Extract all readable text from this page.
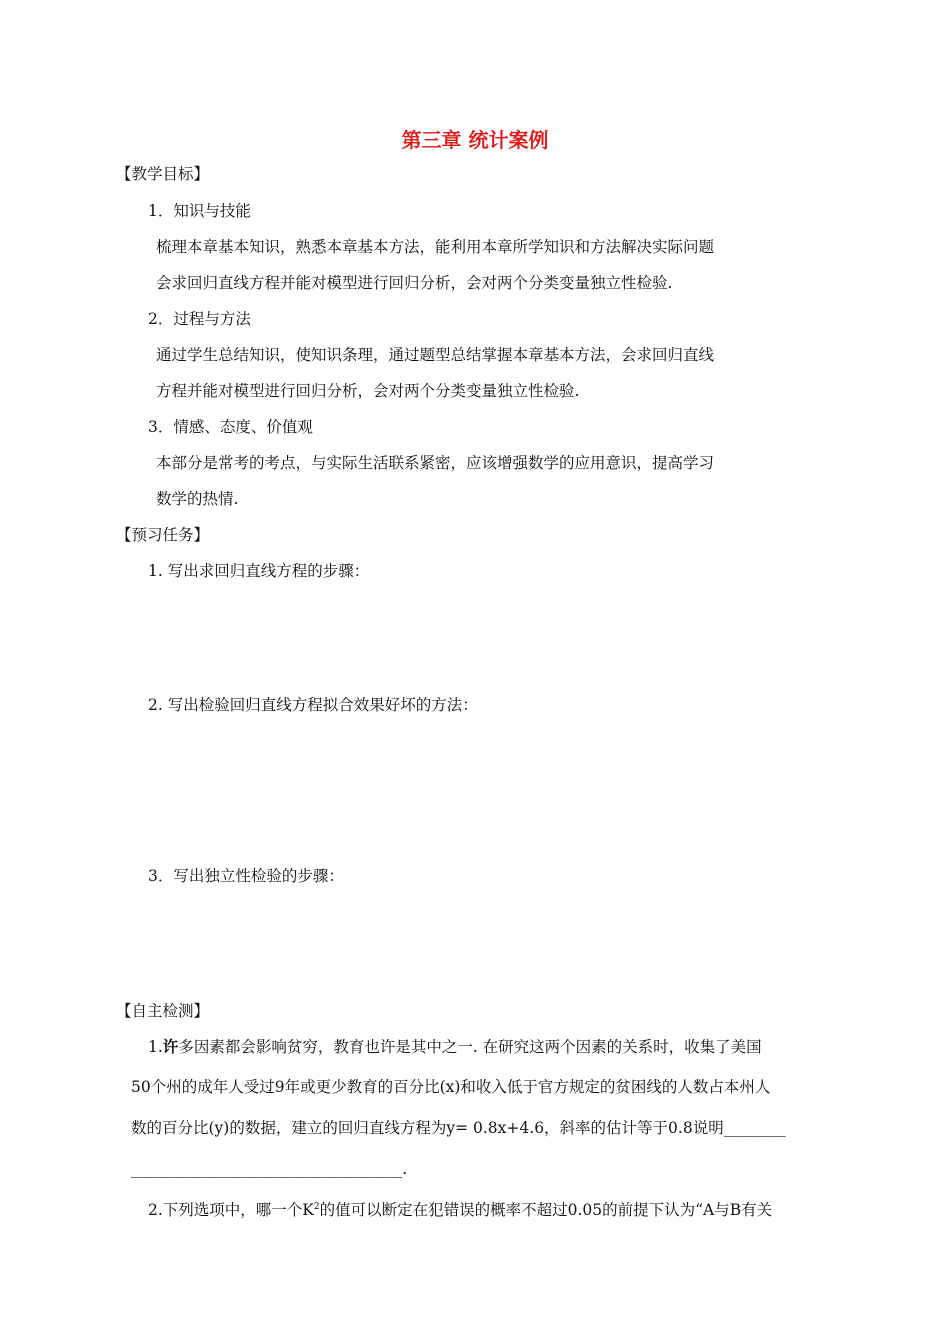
第三章 统计案例
【教学目标】
1．知识与技能
梳理本章基本知识，熟悉本章基本方法，能利用本章所学知识和方法解决实际问题
会求回归直线方程并能对模型进行回归分析，会对两个分类变量独立性检验.
2．过程与方法
通过学生总结知识，使知识条理，通过题型总结掌握本章基本方法，会求回归直线
方程并能对模型进行回归分析，会对两个分类变量独立性检验.
3．情感、态度、价值观
本部分是常考的考点，与实际生活联系紧密，应该增强数学的应用意识，提高学习
数学的热情.
【预习任务】
1. 写出求回归直线方程的步骤：
2. 写出检验回归直线方程拟合效果好坏的方法：
3．写出独立性检验的步骤：
【自主检测】
1.许多因素都会影响贫穷，教育也许是其中之一. 在研究这两个因素的关系时，收集了美国
50个州的成年人受过9年或更少教育的百分比(x)和收入低于官方规定的贫困线的人数占本州人
数的百分比(y)的数据，建立的回归直线方程为y= 0.8x+4.6，斜率的估计等于0.8说明________
___________________________________.
2.下列选项中，哪一个$K^2$的值可以断定在犯错误的概率不超过0.05的前提下认为“A与B有关
